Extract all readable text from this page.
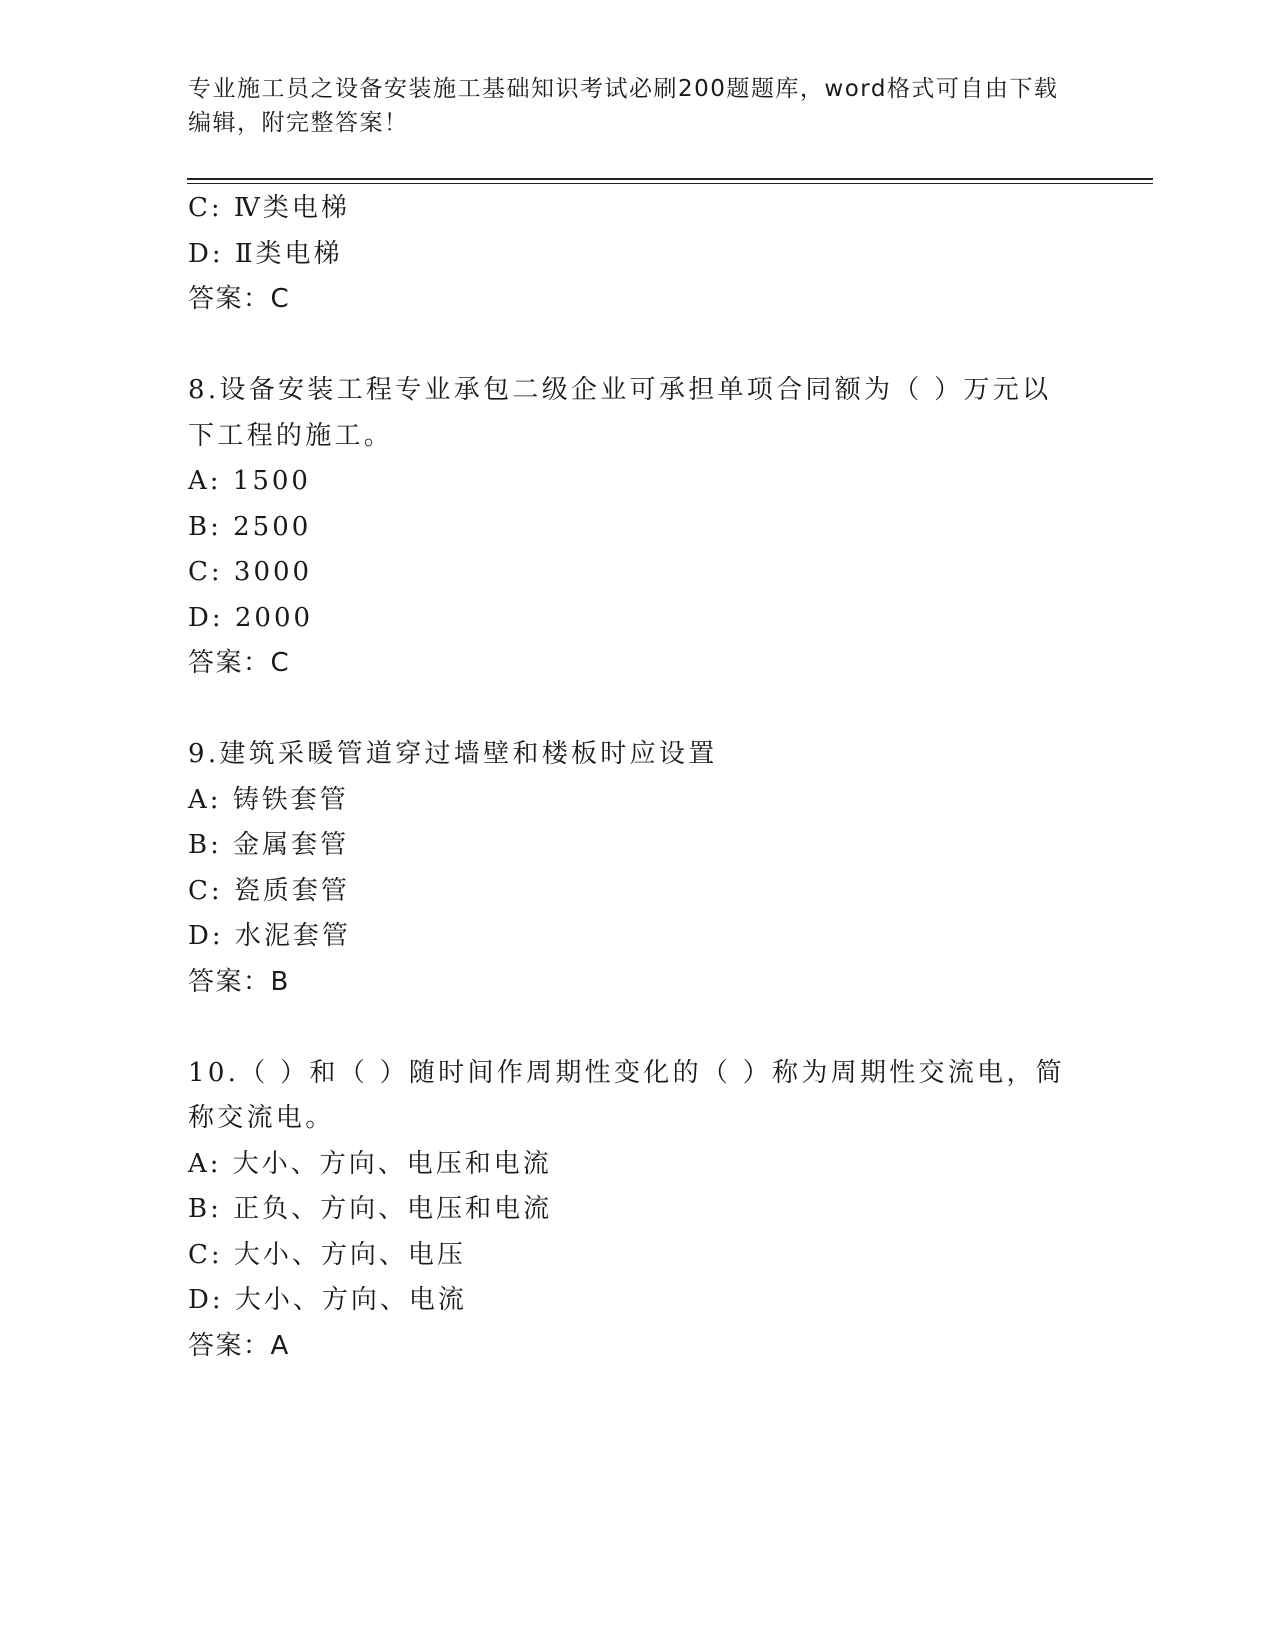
专业施工员之设备安装施工基础知识考试必刷200题题库，word格式可自由下载编辑，附完整答案！
C: Ⅳ类电梯
D: Ⅱ类电梯
答案：C
8.设备安装工程专业承包二级企业可承担单项合同额为（ ）万元以下工程的施工。
A: 1500
B: 2500
C: 3000
D: 2000
答案：C
9.建筑采暖管道穿过墙壁和楼板时应设置
A: 铸铁套管
B: 金属套管
C: 瓷质套管
D: 水泥套管
答案：B
10.（ ）和（ ）随时间作周期性变化的（ ）称为周期性交流电，简称交流电。
A: 大小、方向、电压和电流
B: 正负、方向、电压和电流
C: 大小、方向、电压
D: 大小、方向、电流
答案：A
